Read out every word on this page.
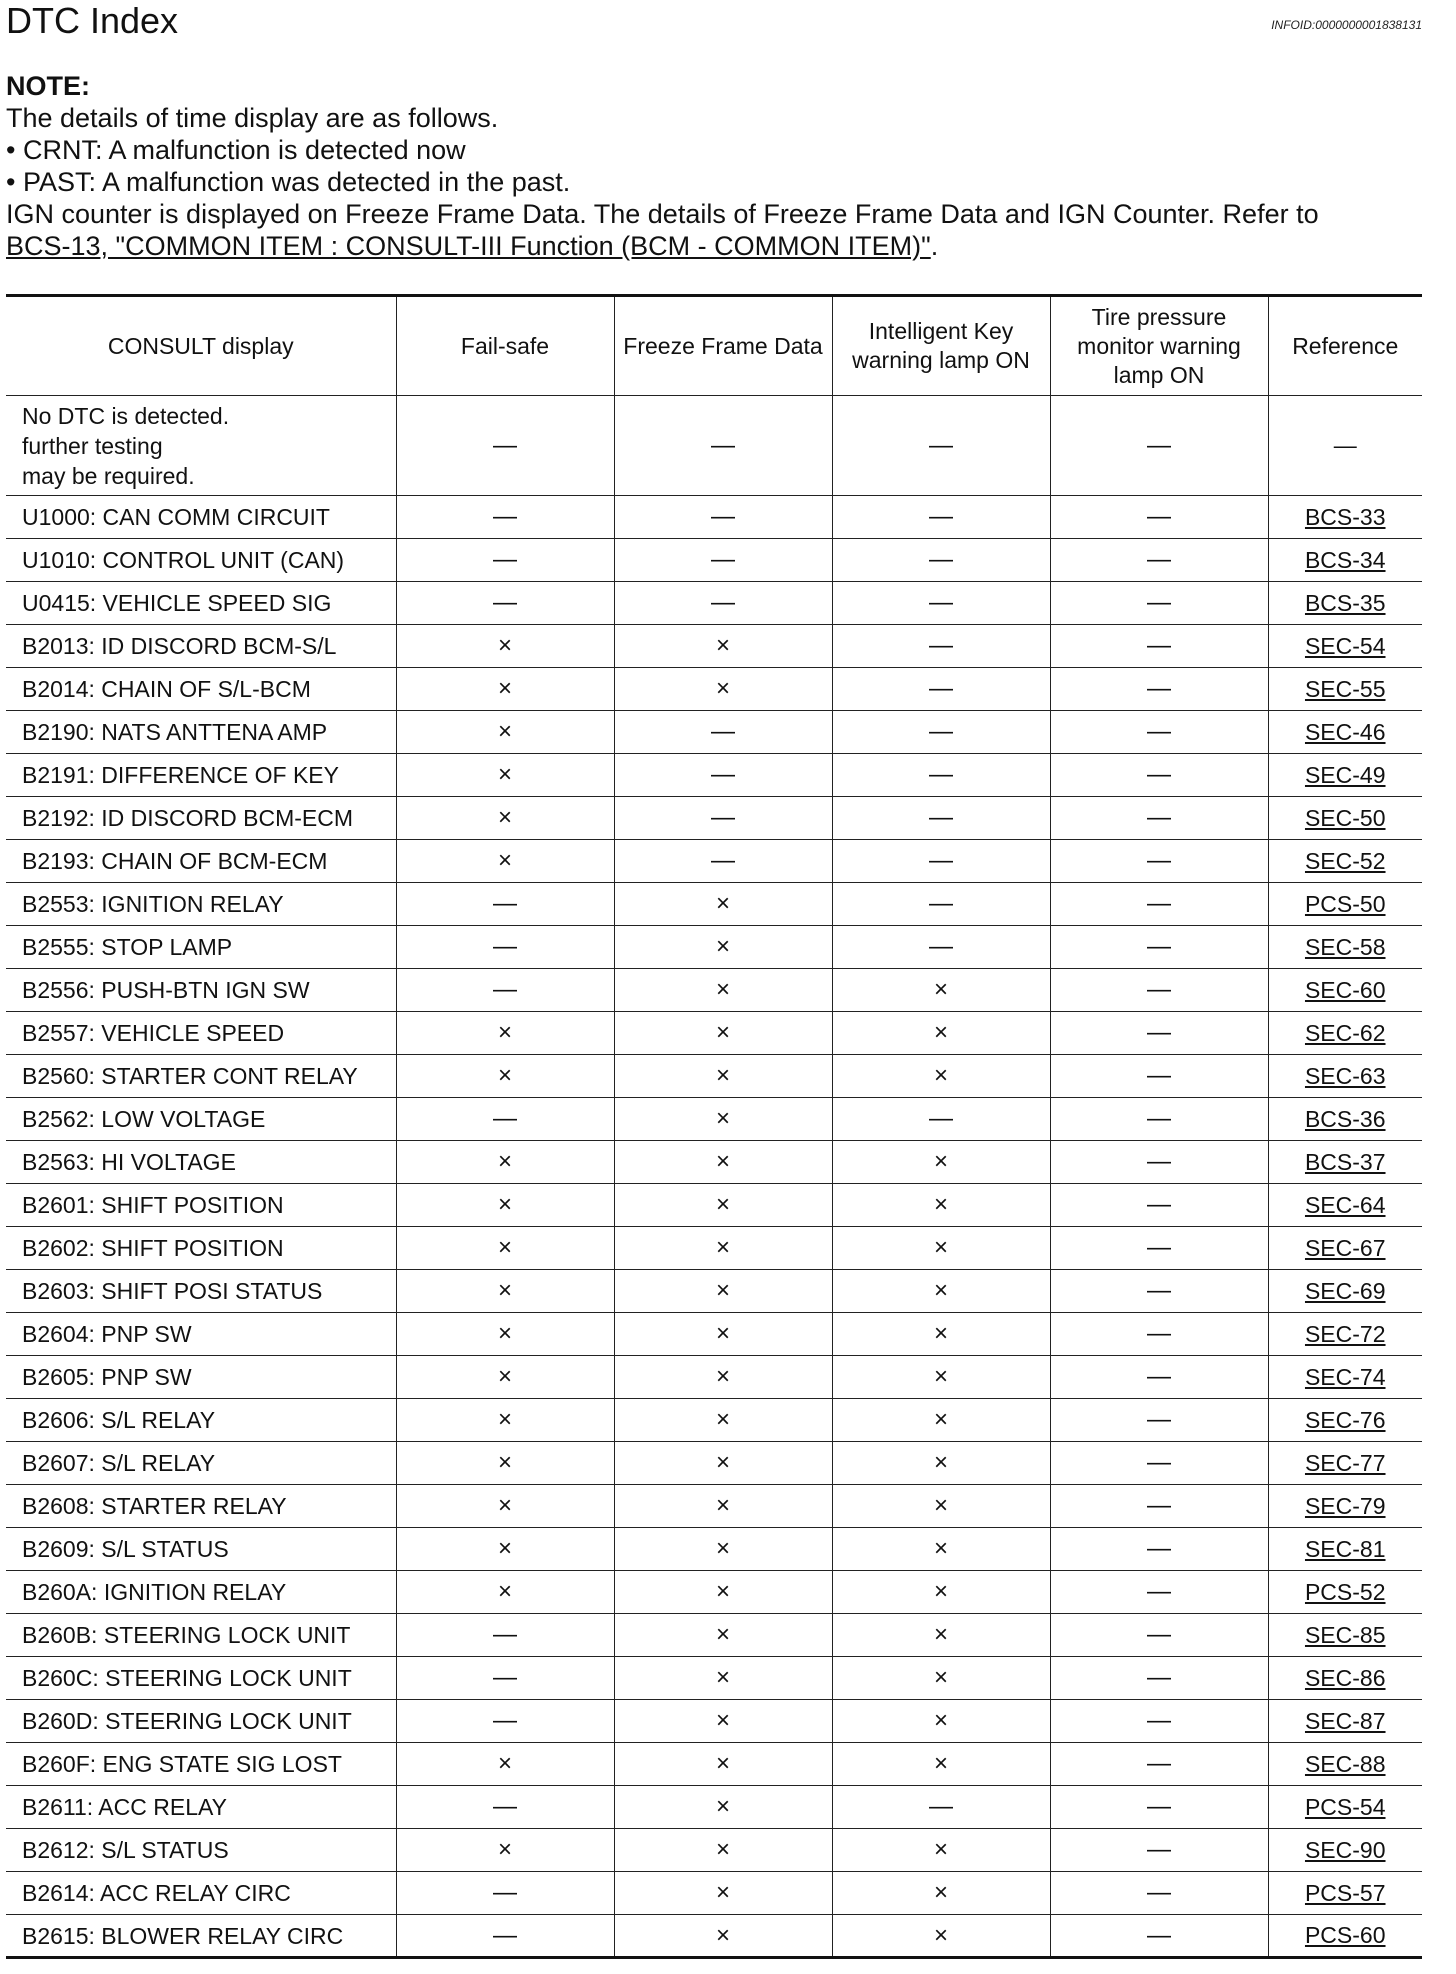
DTC Index	INFOID:0000000001838131
NOTE:
The details of time display are as follows.
• CRNT: A malfunction is detected now
• PAST: A malfunction was detected in the past.
IGN counter is displayed on Freeze Frame Data. The details of Freeze Frame Data and IGN Counter. Refer to
BCS-13, "COMMON ITEM : CONSULT-III Function (BCM - COMMON ITEM)".
CONSULT display	Fail-safe	Freeze Frame Data	Intelligent Key warning lamp ON	Tire pressure monitor warning lamp ON	Reference

No DTC is detected.
further testing
may be required.	—	—	—	—	—

U1000: CAN COMM CIRCUIT	—	—	—	—	BCS-33

U1010: CONTROL UNIT (CAN)	—	—	—	—	BCS-34

U0415: VEHICLE SPEED SIG	—	—	—	—	BCS-35

B2013: ID DISCORD BCM-S/L	×	×	—	—	SEC-54

B2014: CHAIN OF S/L-BCM	×	×	—	—	SEC-55

B2190: NATS ANTTENA AMP	×	—	—	—	SEC-46

B2191: DIFFERENCE OF KEY	×	—	—	—	SEC-49

B2192: ID DISCORD BCM-ECM	×	—	—	—	SEC-50

B2193: CHAIN OF BCM-ECM	×	—	—	—	SEC-52

B2553: IGNITION RELAY	—	×	—	—	PCS-50

B2555: STOP LAMP	—	×	—	—	SEC-58

B2556: PUSH-BTN IGN SW	—	×	×	—	SEC-60

B2557: VEHICLE SPEED	×	×	×	—	SEC-62

B2560: STARTER CONT RELAY	×	×	×	—	SEC-63

B2562: LOW VOLTAGE	—	×	—	—	BCS-36

B2563: HI VOLTAGE	×	×	×	—	BCS-37

B2601: SHIFT POSITION	×	×	×	—	SEC-64

B2602: SHIFT POSITION	×	×	×	—	SEC-67

B2603: SHIFT POSI STATUS	×	×	×	—	SEC-69

B2604: PNP SW	×	×	×	—	SEC-72

B2605: PNP SW	×	×	×	—	SEC-74

B2606: S/L RELAY	×	×	×	—	SEC-76

B2607: S/L RELAY	×	×	×	—	SEC-77

B2608: STARTER RELAY	×	×	×	—	SEC-79

B2609: S/L STATUS	×	×	×	—	SEC-81

B260A: IGNITION RELAY	×	×	×	—	PCS-52

B260B: STEERING LOCK UNIT	—	×	×	—	SEC-85

B260C: STEERING LOCK UNIT	—	×	×	—	SEC-86

B260D: STEERING LOCK UNIT	—	×	×	—	SEC-87

B260F: ENG STATE SIG LOST	×	×	×	—	SEC-88

B2611: ACC RELAY	—	×	—	—	PCS-54

B2612: S/L STATUS	×	×	×	—	SEC-90

B2614: ACC RELAY CIRC	—	×	×	—	PCS-57

B2615: BLOWER RELAY CIRC	—	×	×	—	PCS-60
